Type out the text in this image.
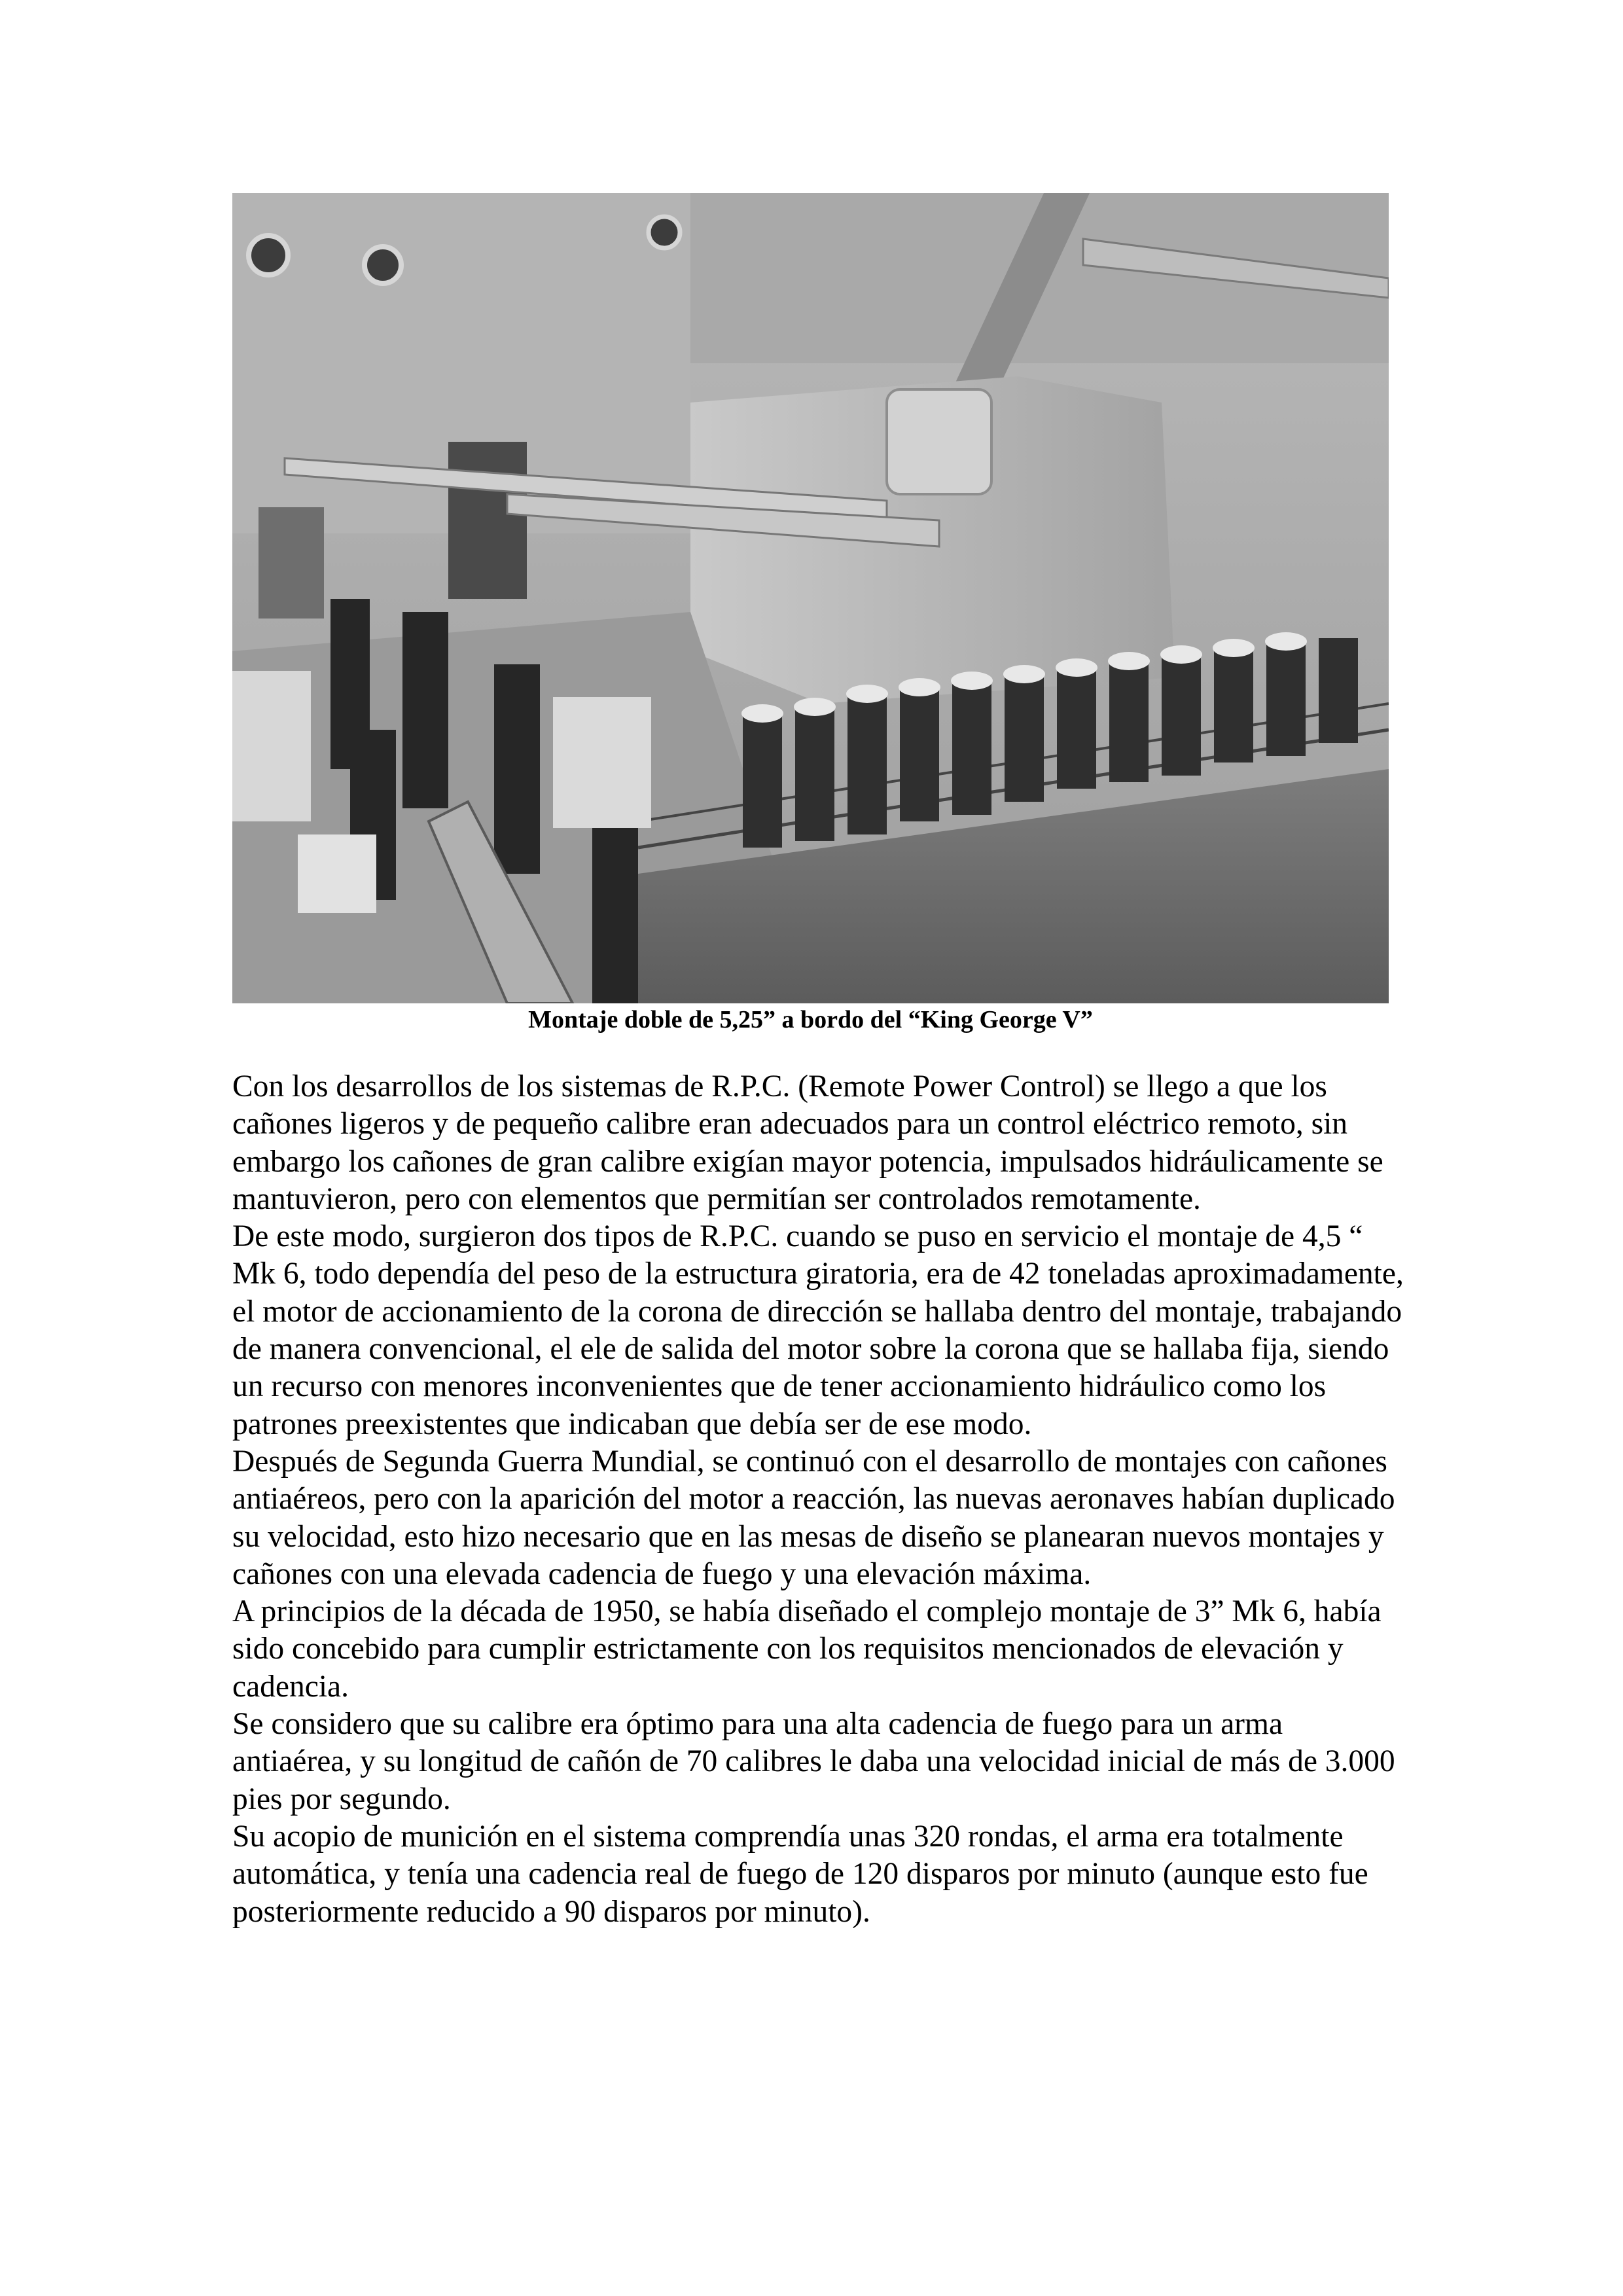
Montaje doble de 5,25” a bordo del “King George V”

Con los desarrollos de los sistemas de R.P.C. (Remote Power Control) se llego a que los cañones ligeros y de pequeño calibre eran adecuados para un control eléctrico remoto, sin embargo los cañones de gran calibre exigían mayor potencia, impulsados hidráulicamente se mantuvieron, pero con elementos que permitían ser controlados remotamente.

De este modo, surgieron dos tipos de R.P.C. cuando se puso en servicio el montaje de 4,5 “ Mk 6, todo dependía del peso de la estructura giratoria, era de 42 toneladas aproximadamente, el motor de accionamiento de la corona de dirección se hallaba dentro del montaje, trabajando de manera convencional, el ele de salida del motor sobre la corona que se hallaba fija, siendo un recurso con menores inconvenientes que de tener accionamiento hidráulico como los patrones preexistentes que indicaban que debía ser de ese modo.

Después de Segunda Guerra Mundial, se continuó con el desarrollo de montajes con cañones antiaéreos, pero con la aparición del motor a reacción, las nuevas aeronaves habían duplicado su velocidad, esto hizo necesario que en las mesas de diseño se planearan nuevos montajes y cañones con una elevada cadencia de fuego y una elevación máxima.

A principios de la década de 1950, se había diseñado el complejo montaje de 3” Mk 6, había sido concebido para cumplir estrictamente con los requisitos mencionados de elevación y cadencia.

Se considero que su calibre era óptimo para una alta cadencia de fuego para un arma antiaérea, y su longitud de cañón de 70 calibres le daba una velocidad inicial de más de 3.000 pies por segundo.

Su acopio de munición en el sistema comprendía unas 320 rondas, el arma era totalmente automática, y tenía una cadencia real de fuego de 120 disparos por minuto (aunque esto fue posteriormente reducido a 90 disparos por minuto).
